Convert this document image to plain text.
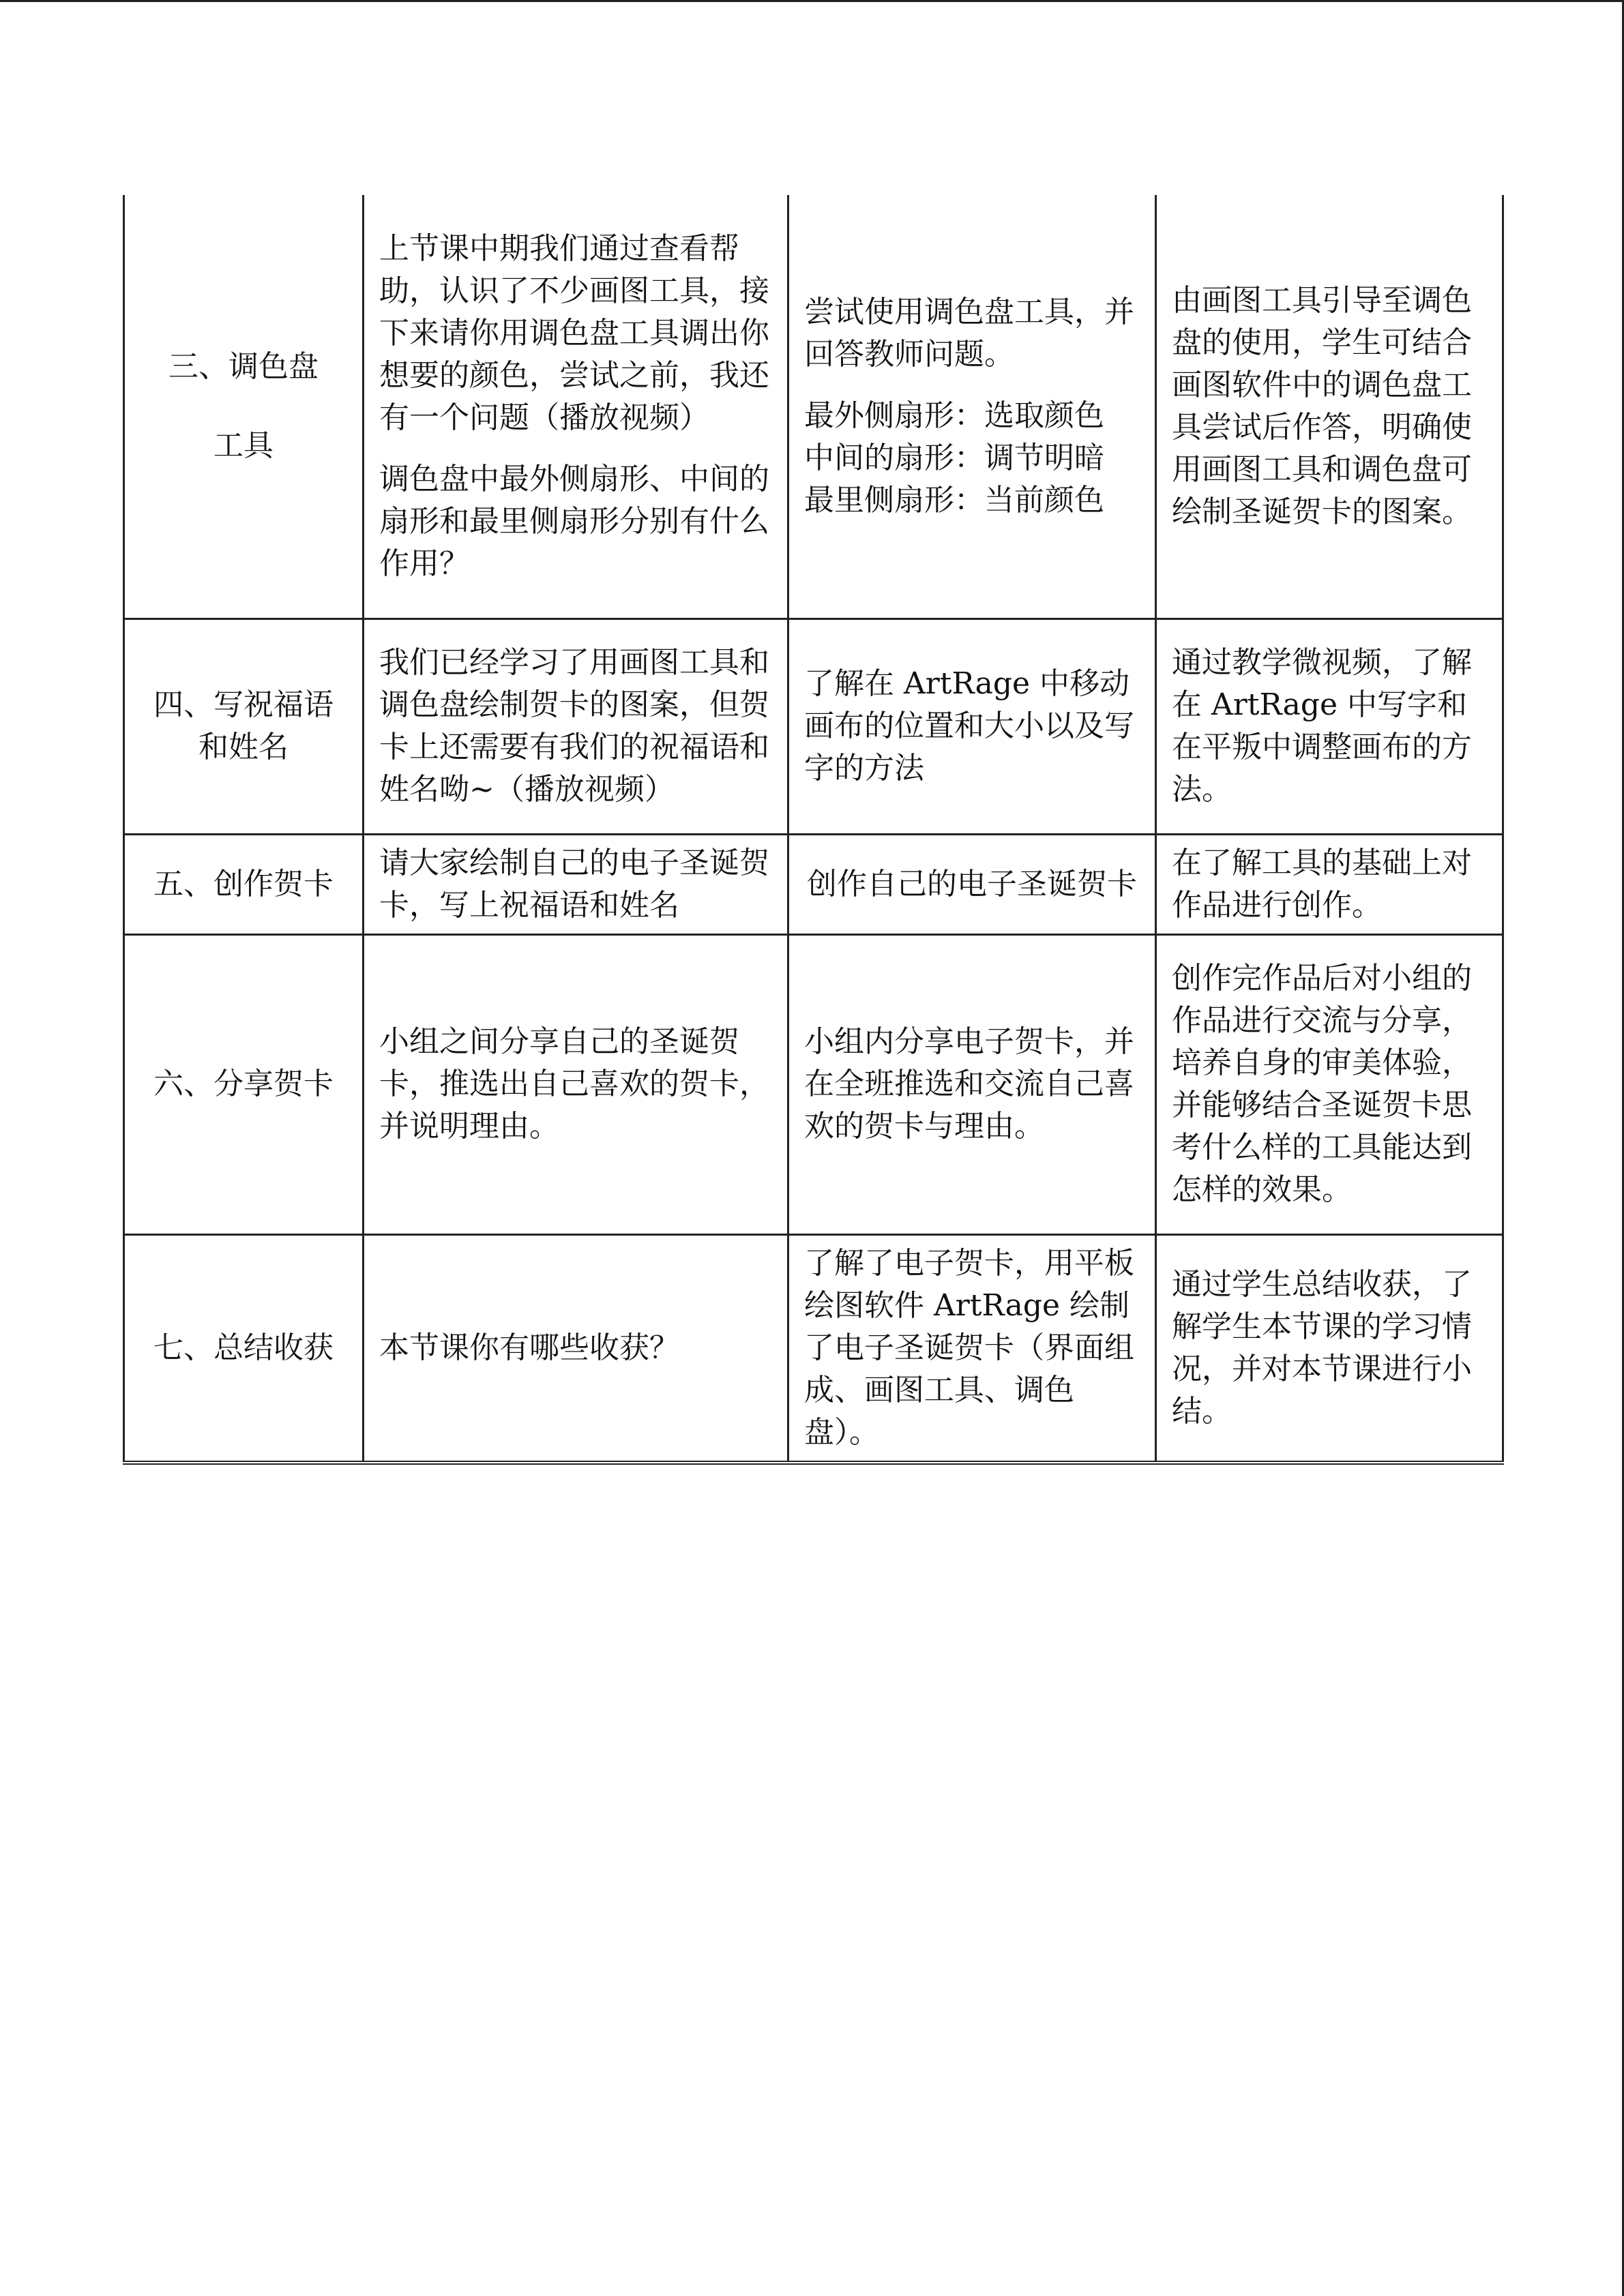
三、调色盘
工具	上节课中期我们通过查看帮助，认识了不少画图工具，接下来请你用调色盘工具调出你想要的颜色，尝试之前，我还有一个问题（播放视频）
调色盘中最外侧扇形、中间的扇形和最里侧扇形分别有什么作用？	尝试使用调色盘工具，并回答教师问题。
最外侧扇形：选取颜色
中间的扇形：调节明暗
最里侧扇形：当前颜色	由画图工具引导至调色盘的使用，学生可结合画图软件中的调色盘工具尝试后作答，明确使用画图工具和调色盘可绘制圣诞贺卡的图案。

四、写祝福语
和姓名	我们已经学习了用画图工具和调色盘绘制贺卡的图案，但贺卡上还需要有我们的祝福语和姓名呦~（播放视频）	了解在 ArtRage 中移动画布的位置和大小以及写字的方法	通过教学微视频，了解在 ArtRage 中写字和在平叛中调整画布的方法。

五、创作贺卡	请大家绘制自己的电子圣诞贺卡，写上祝福语和姓名	创作自己的电子圣诞贺卡	在了解工具的基础上对作品进行创作。

六、分享贺卡	小组之间分享自己的圣诞贺卡，推选出自己喜欢的贺卡，并说明理由。	小组内分享电子贺卡，并在全班推选和交流自己喜欢的贺卡与理由。	创作完作品后对小组的作品进行交流与分享，培养自身的审美体验，并能够结合圣诞贺卡思考什么样的工具能达到怎样的效果。

七、总结收获	本节课你有哪些收获？	了解了电子贺卡，用平板绘图软件 ArtRage 绘制了电子圣诞贺卡（界面组成、画图工具、调色盘）。	通过学生总结收获，了解学生本节课的学习情况，并对本节课进行小结。
